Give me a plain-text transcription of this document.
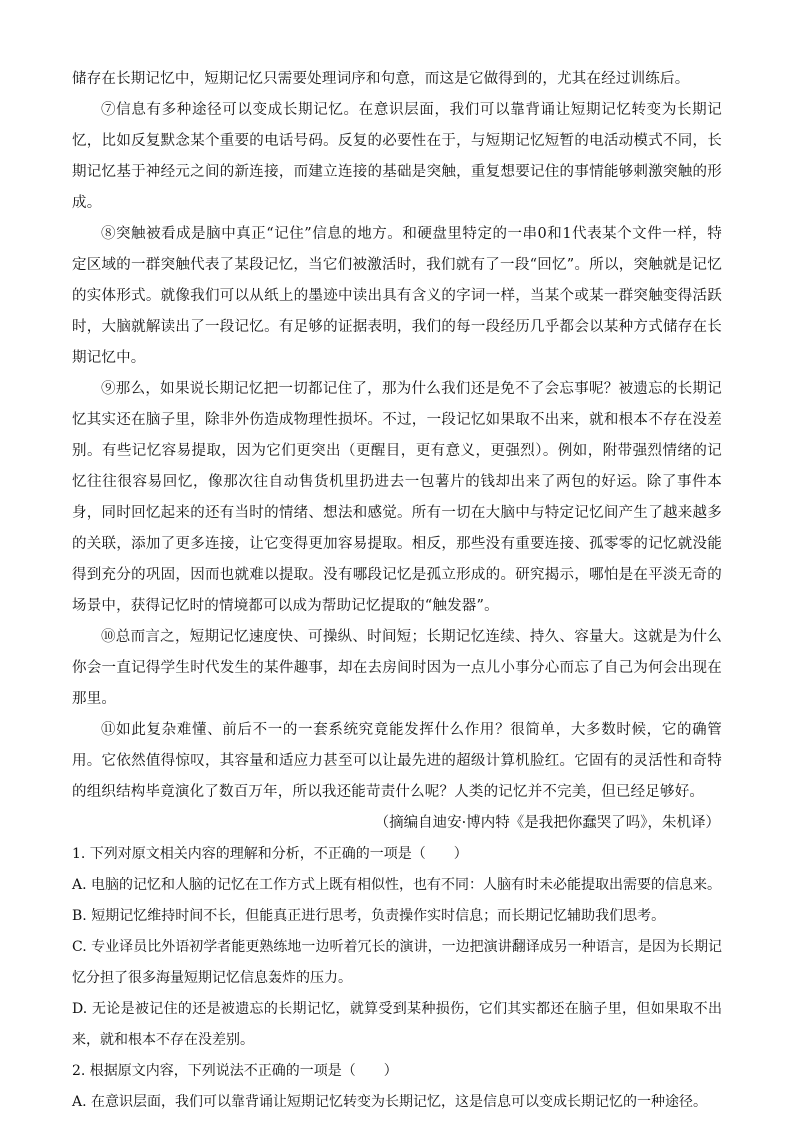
储存在长期记忆中，短期记忆只需要处理词序和句意，而这是它做得到的，尤其在经过训练后。

⑦信息有多种途径可以变成长期记忆。在意识层面，我们可以靠背诵让短期记忆转变为长期记忆，比如反复默念某个重要的电话号码。反复的必要性在于，与短期记忆短暂的电活动模式不同，长期记忆基于神经元之间的新连接，而建立连接的基础是突触，重复想要记住的事情能够刺激突触的形成。

⑧突触被看成是脑中真正“记住”信息的地方。和硬盘里特定的一串0和1代表某个文件一样，特定区域的一群突触代表了某段记忆，当它们被激活时，我们就有了一段“回忆”。所以，突触就是记忆的实体形式。就像我们可以从纸上的墨迹中读出具有含义的字词一样，当某个或某一群突触变得活跃时，大脑就解读出了一段记忆。有足够的证据表明，我们的每一段经历几乎都会以某种方式储存在长期记忆中。

⑨那么，如果说长期记忆把一切都记住了，那为什么我们还是免不了会忘事呢？被遗忘的长期记忆其实还在脑子里，除非外伤造成物理性损坏。不过，一段记忆如果取不出来，就和根本不存在没差别。有些记忆容易提取，因为它们更突出（更醒目，更有意义，更强烈）。例如，附带强烈情绪的记忆往往很容易回忆，像那次往自动售货机里扔进去一包薯片的钱却出来了两包的好运。除了事件本身，同时回忆起来的还有当时的情绪、想法和感觉。所有一切在大脑中与特定记忆间产生了越来越多的关联，添加了更多连接，让它变得更加容易提取。相反，那些没有重要连接、孤零零的记忆就没能得到充分的巩固，因而也就难以提取。没有哪段记忆是孤立形成的。研究揭示，哪怕是在平淡无奇的场景中，获得记忆时的情境都可以成为帮助记忆提取的“触发器”。

⑩总而言之，短期记忆速度快、可操纵、时间短；长期记忆连续、持久、容量大。这就是为什么你会一直记得学生时代发生的某件趣事，却在去房间时因为一点儿小事分心而忘了自己为何会出现在那里。

⑪如此复杂难懂、前后不一的一套系统究竟能发挥什么作用？很简单，大多数时候，它的确管用。它依然值得惊叹，其容量和适应力甚至可以让最先进的超级计算机脸红。它固有的灵活性和奇特的组织结构毕竟演化了数百万年，所以我还能苛责什么呢？人类的记忆并不完美，但已经足够好。

（摘编自迪安·博内特《是我把你蠢哭了吗》，朱机译）

1. 下列对原文相关内容的理解和分析，不正确的一项是（　　）

A. 电脑的记忆和人脑的记忆在工作方式上既有相似性，也有不同：人脑有时未必能提取出需要的信息来。

B. 短期记忆维持时间不长，但能真正进行思考，负责操作实时信息；而长期记忆辅助我们思考。

C. 专业译员比外语初学者能更熟练地一边听着冗长的演讲，一边把演讲翻译成另一种语言，是因为长期记忆分担了很多海量短期记忆信息轰炸的压力。

D. 无论是被记住的还是被遗忘的长期记忆，就算受到某种损伤，它们其实都还在脑子里，但如果取不出来，就和根本不存在没差别。

2. 根据原文内容，下列说法不正确的一项是（　　）

A. 在意识层面，我们可以靠背诵让短期记忆转变为长期记忆，这是信息可以变成长期记忆的一种途径。
